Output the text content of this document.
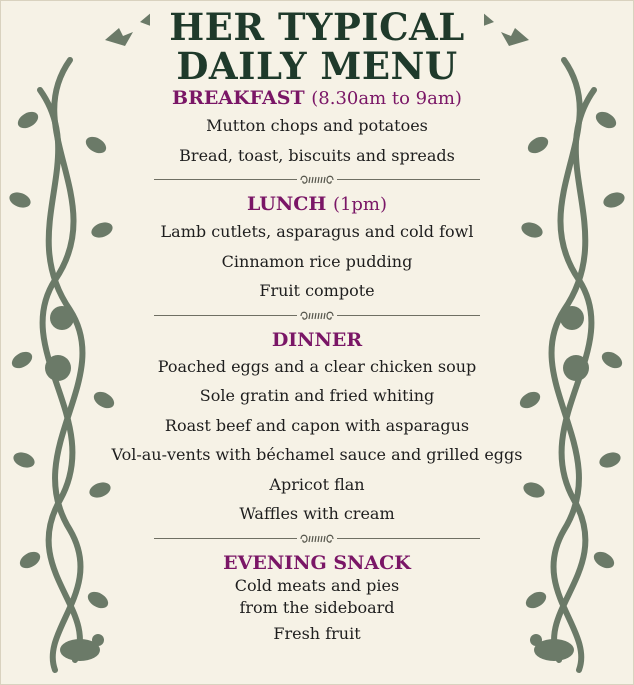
HER TYPICAL
DAILY MENU

BREAKFAST (8.30am to 9am)

Mutton chops and potatoes

Bread, toast, biscuits and spreads

LUNCH (1pm)

Lamb cutlets, asparagus and cold fowl

Cinnamon rice pudding

Fruit compote

DINNER

Poached eggs and a clear chicken soup

Sole gratin and fried whiting

Roast beef and capon with asparagus

Vol-au-vents with béchamel sauce and grilled eggs

Apricot flan

Waffles with cream

EVENING SNACK

Cold meats and pies

from the sideboard

Fresh fruit
